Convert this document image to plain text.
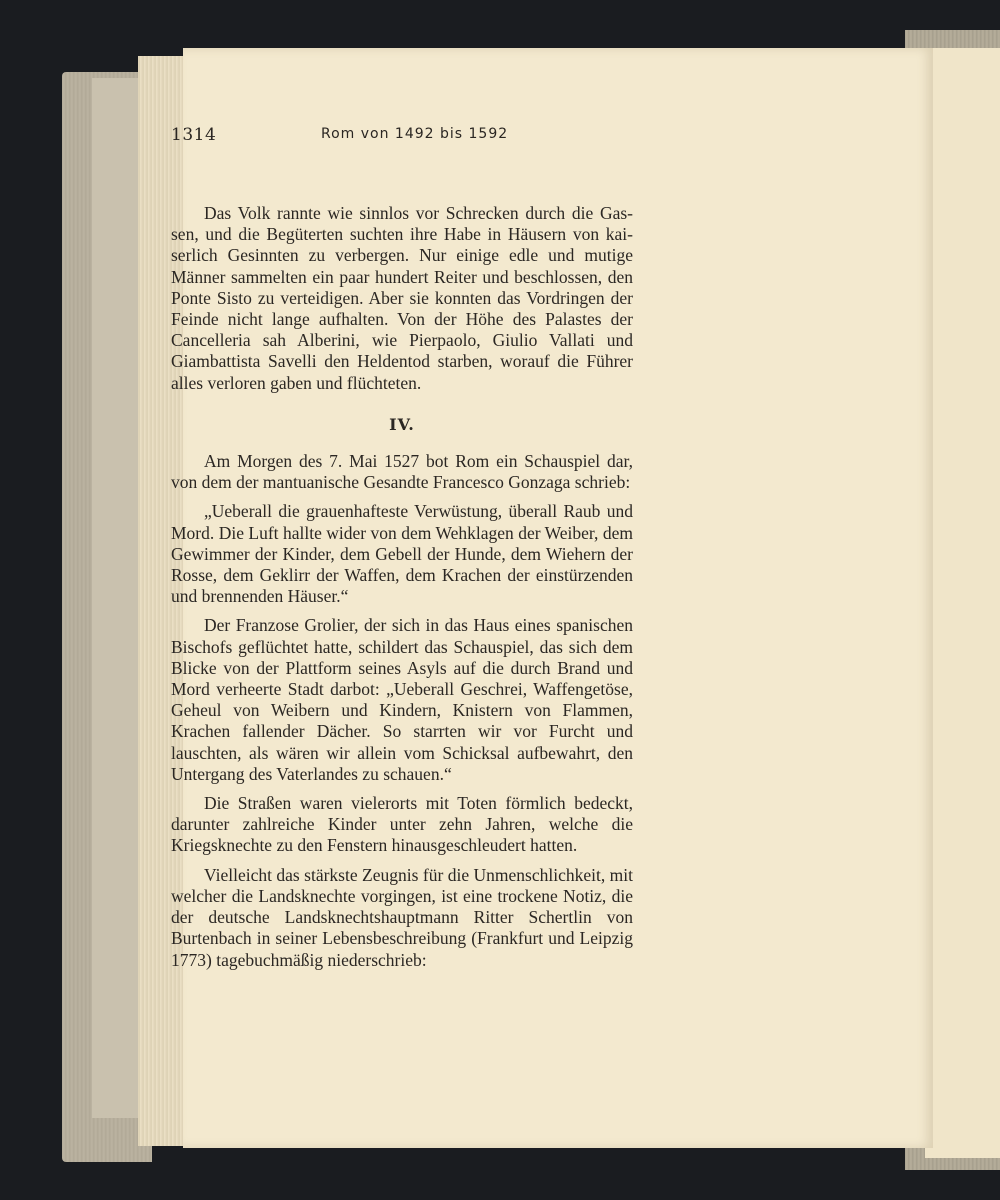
1314	Rom von 1492 bis 1592

Das Volk rannte wie sinnlos vor Schrecken durch die Gassen, und die Begüterten suchten ihre Habe in Häusern von kaiserlich Gesinnten zu verbergen. Nur einige edle und mutige Männer sammelten ein paar hundert Reiter und beschlossen, den Ponte Sisto zu verteidigen. Aber sie konnten das Vordringen der Feinde nicht lange aufhalten. Von der Höhe des Palastes der Cancelleria sah Alberini, wie Pierpaolo, Giulio Vallati und Giambattista Savelli den Heldentod starben, worauf die Führer alles verloren gaben und flüchteten.

IV.

Am Morgen des 7. Mai 1527 bot Rom ein Schauspiel dar, von dem der mantuanische Gesandte Francesco Gonzaga schrieb:

„Ueberall die grauenhafteste Verwüstung, überall Raub und Mord. Die Luft hallte wider von dem Wehklagen der Weiber, dem Gewimmer der Kinder, dem Gebell der Hunde, dem Wiehern der Rosse, dem Geklirr der Waffen, dem Krachen der einstürzenden und brennenden Häuser.“

Der Franzose Grolier, der sich in das Haus eines spanischen Bischofs geflüchtet hatte, schildert das Schauspiel, das sich dem Blicke von der Plattform seines Asyls auf die durch Brand und Mord verheerte Stadt darbot: „Ueberall Geschrei, Waffengetöse, Geheul von Weibern und Kindern, Knistern von Flammen, Krachen fallender Dächer. So starrten wir vor Furcht und lauschten, als wären wir allein vom Schicksal aufbewahrt, den Untergang des Vaterlandes zu schauen.“

Die Straßen waren vielerorts mit Toten förmlich bedeckt, darunter zahlreiche Kinder unter zehn Jahren, welche die Kriegsknechte zu den Fenstern hinausgeschleudert hatten.

Vielleicht das stärkste Zeugnis für die Unmenschlichkeit, mit welcher die Landsknechte vorgingen, ist eine trockene Notiz, die der deutsche Landsknechtshauptmann Ritter Schertlin von Burtenbach in seiner Lebensbeschreibung (Frankfurt und Leipzig 1773) tagebuchmäßig niederschrieb:
